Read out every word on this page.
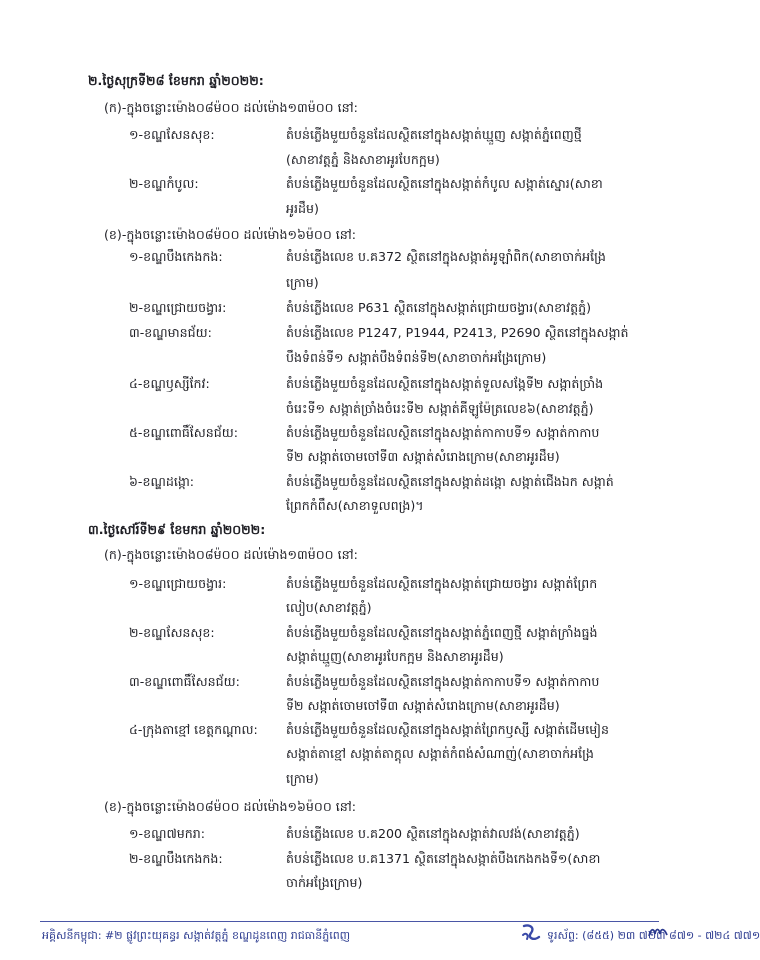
២.ថ្ងៃសុក្រទី២៨ ខែមករា ឆ្នាំ២០២២:
(ក)-ក្នុងចន្លោះម៉ោង០៨ម៉០០ ដល់ម៉ោង១៣ម៉០០ នៅ:
១-ខណ្ឌសែនសុខ:	តំបន់ភ្លើងមួយចំនួនដែលស្ថិតនៅក្នុងសង្កាត់ឃ្មួញ សង្កាត់ភ្នំពេញថ្មី
(សាខាវត្តភ្នំ និងសាខាអូរបែកក្អម)
២-ខណ្ឌកំបូល:	តំបន់ភ្លើងមួយចំនួនដែលស្ថិតនៅក្នុងសង្កាត់កំបូល សង្កាត់ស្នោរ(សាខា
អូរដឹម)
(ខ)-ក្នុងចន្លោះម៉ោង០៨ម៉០០ ដល់ម៉ោង១៦ម៉០០ នៅ:
១-ខណ្ឌបឹងកេងកង:	តំបន់ភ្លើងលេខ ប.គ372 ស្ថិតនៅក្នុងសង្កាត់អូឡាំពិក(សាខាចាក់អង្រែ
ក្រោម)
២-ខណ្ឌជ្រោយចង្វារ:	តំបន់ភ្លើងលេខ P631 ស្ថិតនៅក្នុងសង្កាត់ជ្រោយចង្វារ(សាខាវត្តភ្នំ)
៣-ខណ្ឌមានជ័យ:	តំបន់ភ្លើងលេខ P1247, P1944, P2413, P2690 ស្ថិតនៅក្នុងសង្កាត់
បឹងទំពន់ទី១ សង្កាត់បឹងទំពន់ទី២(សាខាចាក់អង្រែក្រោម)
៤-ខណ្ឌឫស្សីកែវ:	តំបន់ភ្លើងមួយចំនួនដែលស្ថិតនៅក្នុងសង្កាត់ទួលសង្កែទី២ សង្កាត់ច្រាំង
ចំរេះទី១ សង្កាត់ច្រាំងចំរេះទី២ សង្កាត់គីឡូម៉ែត្រលេខ៦(សាខាវត្តភ្នំ)
៥-ខណ្ឌពោធិ៍សែនជ័យ:	តំបន់ភ្លើងមួយចំនួនដែលស្ថិតនៅក្នុងសង្កាត់កាកាបទី១ សង្កាត់កាកាប
ទី២ សង្កាត់ចោមចៅទី៣ សង្កាត់សំរោងក្រោម(សាខាអូរដឹម)
៦-ខណ្ឌដង្កោ:	តំបន់ភ្លើងមួយចំនួនដែលស្ថិតនៅក្នុងសង្កាត់ដង្កោ សង្កាត់ជើងឯក សង្កាត់
ព្រែកកំពឹស(សាខាទួលពង្រ)។
៣.ថ្ងៃសៅរ៍ទី២៩ ខែមករា ឆ្នាំ២០២២:
(ក)-ក្នុងចន្លោះម៉ោង០៨ម៉០០ ដល់ម៉ោង១៣ម៉០០ នៅ:
១-ខណ្ឌជ្រោយចង្វារ:	តំបន់ភ្លើងមួយចំនួនដែលស្ថិតនៅក្នុងសង្កាត់ជ្រោយចង្វារ សង្កាត់ព្រែក
លៀប(សាខាវត្តភ្នំ)
២-ខណ្ឌសែនសុខ:	តំបន់ភ្លើងមួយចំនួនដែលស្ថិតនៅក្នុងសង្កាត់ភ្នំពេញថ្មី សង្កាត់ក្រាំងធ្នង់
សង្កាត់ឃ្មួញ(សាខាអូរបែកក្អម និងសាខាអូរដឹម)
៣-ខណ្ឌពោធិ៍សែនជ័យ:	តំបន់ភ្លើងមួយចំនួនដែលស្ថិតនៅក្នុងសង្កាត់កាកាបទី១ សង្កាត់កាកាប
ទី២ សង្កាត់ចោមចៅទី៣ សង្កាត់សំរោងក្រោម(សាខាអូរដឹម)
៤-ក្រុងតាខ្មៅ ខេត្តកណ្តាល: តំបន់ភ្លើងមួយចំនួនដែលស្ថិតនៅក្នុងសង្កាត់ព្រែកឫស្សី សង្កាត់ដើមមៀន
សង្កាត់តាខ្មៅ សង្កាត់តាក្តុល សង្កាត់កំពង់សំណាញ់(សាខាចាក់អង្រែ
ក្រោម)
(ខ)-ក្នុងចន្លោះម៉ោង០៨ម៉០០ ដល់ម៉ោង១៦ម៉០០ នៅ:
១-ខណ្ឌ៧មករា:	តំបន់ភ្លើងលេខ ប.គ200 ស្ថិតនៅក្នុងសង្កាត់វាលវង់(សាខាវត្តភ្នំ)
២-ខណ្ឌបឹងកេងកង:	តំបន់ភ្លើងលេខ ប.គ1371 ស្ថិតនៅក្នុងសង្កាត់បឹងកេងកងទី១(សាខា
ចាក់អង្រែក្រោម)
អគ្គិសនីកម្ពុជា: #២ ផ្លូវព្រះយុគន្ធរ សង្កាត់វត្តភ្នំ ខណ្ឌដូនពេញ រាជធានីភ្នំពេញ	ទូរស័ព្ទ: (៨៥៥) ២៣ ៧២៣ ៨៧១ - ៧២៤ ៧៧១
